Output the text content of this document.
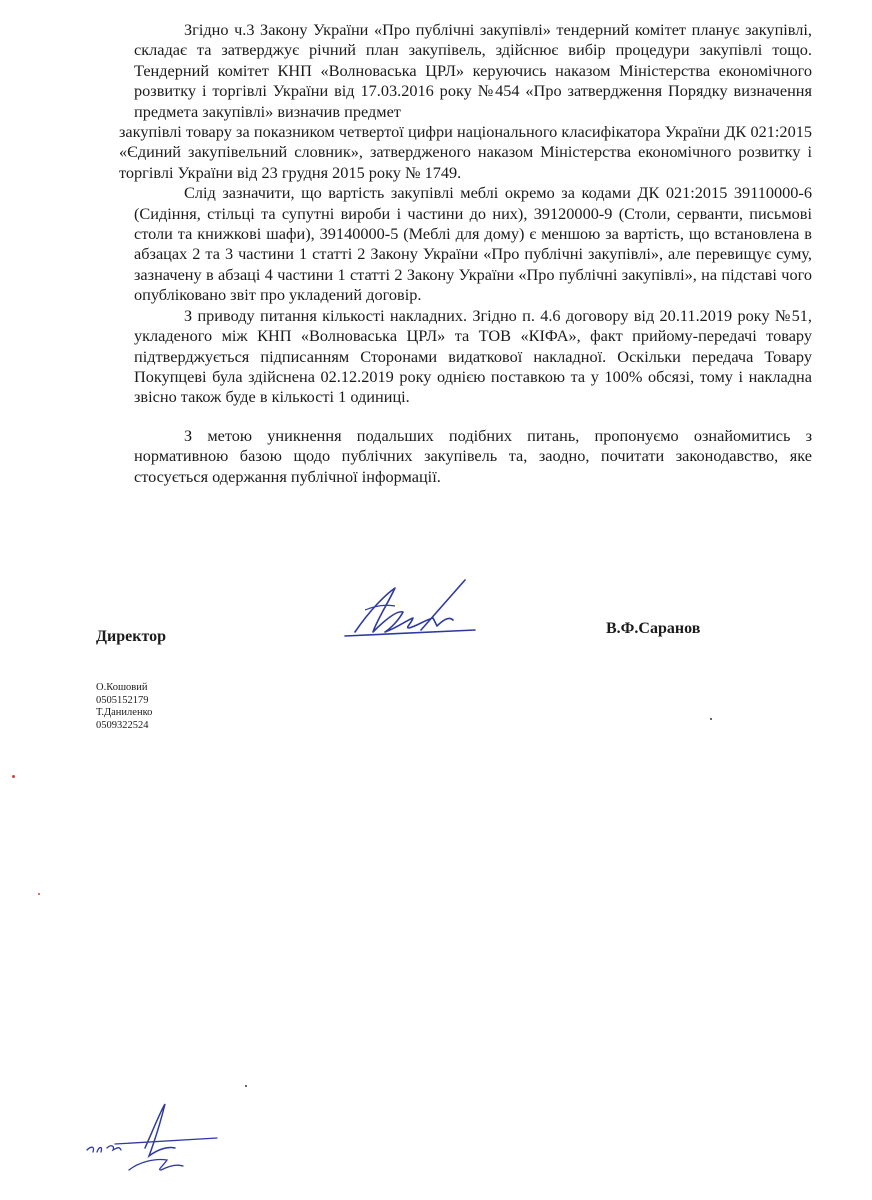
Згідно ч.3 Закону України «Про публічні закупівлі» тендерний комітет планує закупівлі, складає та затверджує річний план закупівель, здійснює вибір процедури закупівлі тощо. Тендерний комітет КНП «Волноваська ЦРЛ» керуючись наказом Міністерства економічного розвитку і торгівлі України від 17.03.2016 року №454 «Про затвердження Порядку визначення предмета закупівлі» визначив предмет

закупівлі товару за показником четвертої цифри національного класифікатора України ДК 021:2015 «Єдиний закупівельний словник», затвердженого наказом Міністерства економічного розвитку і торгівлі України від 23 грудня 2015 року № 1749.

Слід зазначити, що вартість закупівлі меблі окремо за кодами ДК 021:2015 39110000-6 (Сидіння, стільці та супутні вироби і частини до них), 39120000-9 (Столи, серванти, письмові столи та книжкові шафи), 39140000-5 (Меблі для дому) є меншою за вартість, що встановлена в абзацах 2 та 3 частини 1 статті 2 Закону України «Про публічні закупівлі», але перевищує суму, зазначену в абзаці 4 частини 1 статті 2 Закону України «Про публічні закупівлі», на підставі чого опубліковано звіт про укладений договір.

З приводу питання кількості накладних. Згідно п. 4.6 договору від 20.11.2019 року №51, укладеного між КНП «Волноваська ЦРЛ» та ТОВ «КІФА», факт прийому-передачі товару підтверджується підписанням Сторонами видаткової накладної. Оскільки передача Товару Покупцеві була здійснена 02.12.2019 року однією поставкою та у 100% обсязі, тому і накладна звісно також буде в кількості 1 одиниці.

З метою уникнення подальших подібних питань, пропонуємо ознайомитись з нормативною базою щодо публічних закупівель та, заодно, почитати законодавство, яке стосується одержання публічної інформації.

Директор	В.Ф.Саранов
О.Кошовий
0505152179
Т.Даниленко
0509322524
